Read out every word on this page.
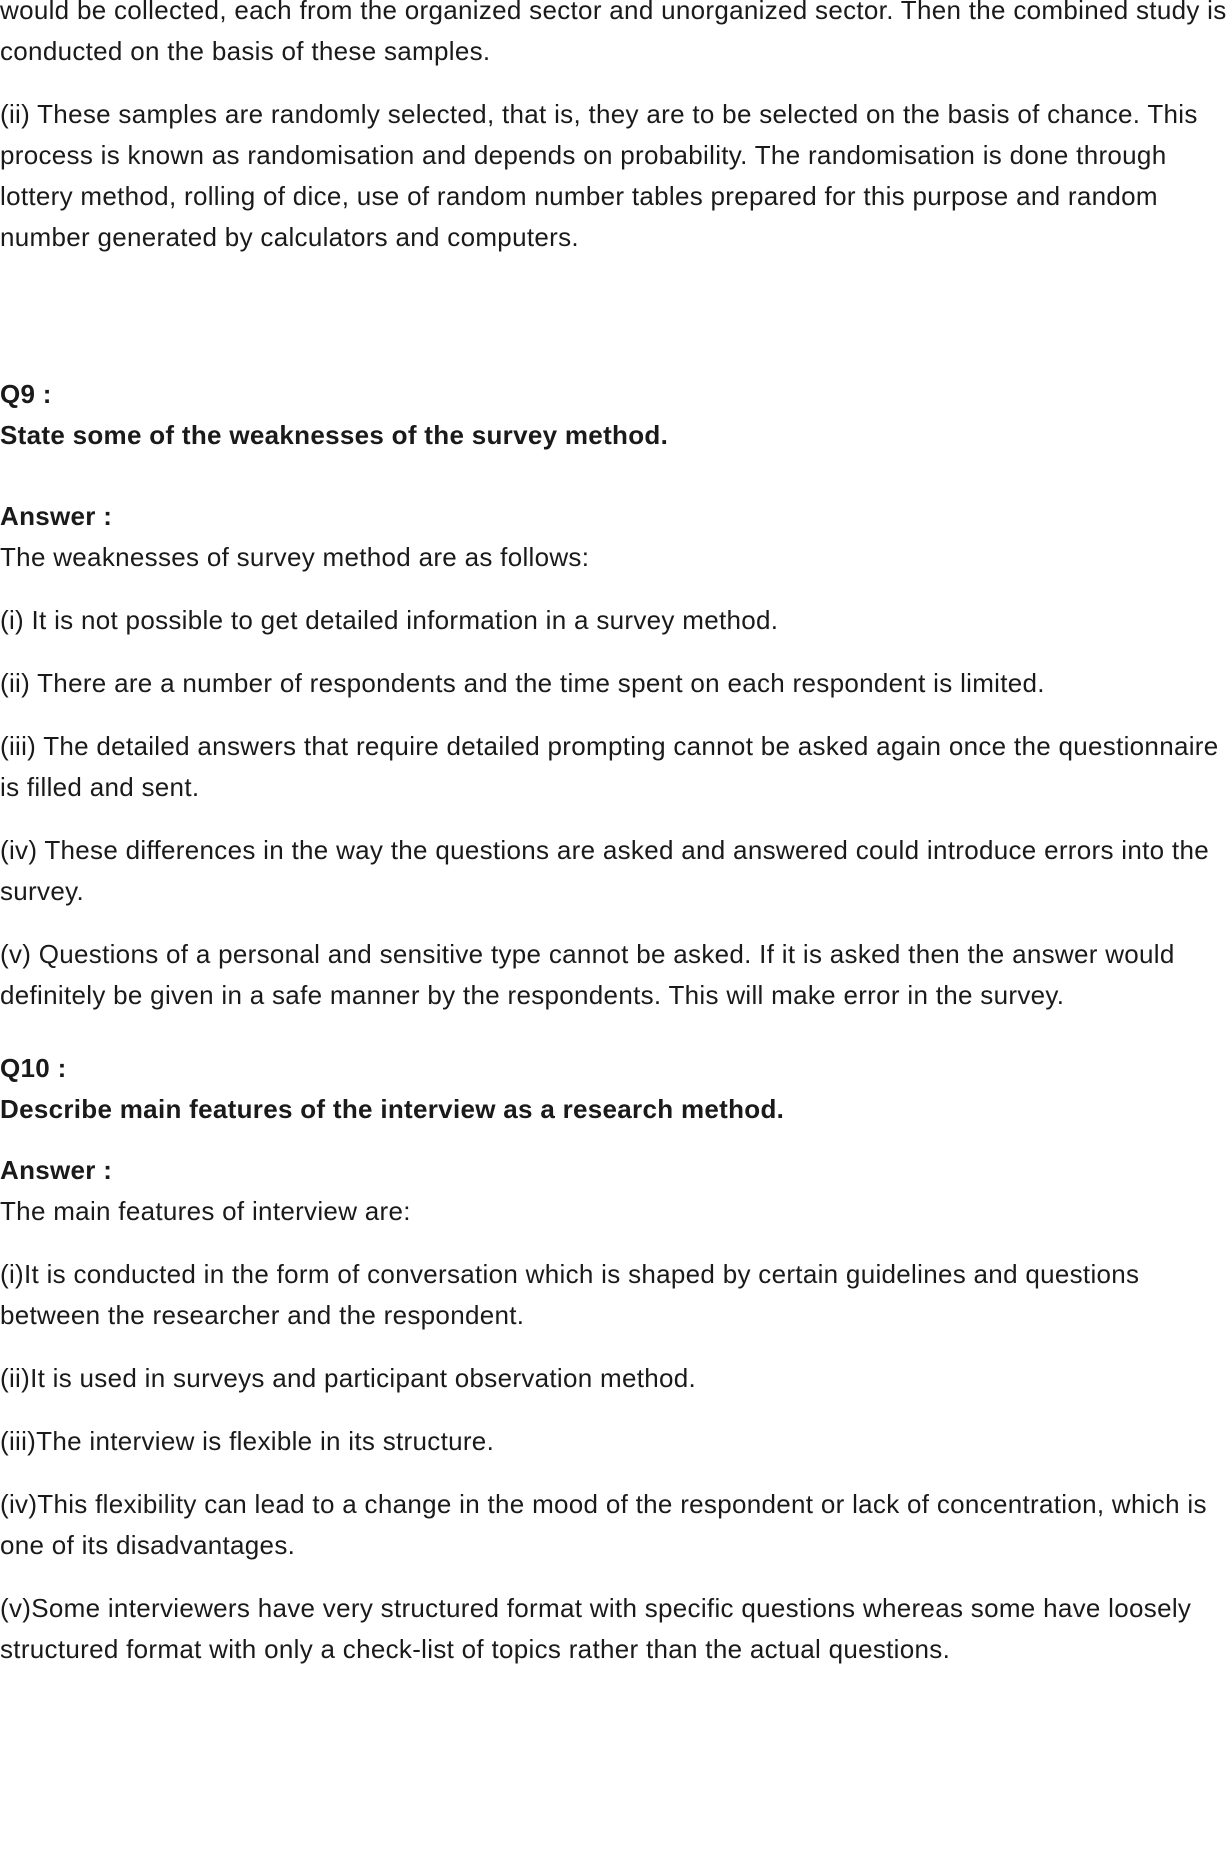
would be collected, each from the organized sector and unorganized sector. Then the combined study is conducted on the basis of these samples.

(ii) These samples are randomly selected, that is, they are to be selected on the basis of chance. This process is known as randomisation and depends on probability. The randomisation is done through lottery method, rolling of dice, use of random number tables prepared for this purpose and random number generated by calculators and computers.

Q9 :

State some of the weaknesses of the survey method.

Answer :

The weaknesses of survey method are as follows:

(i) It is not possible to get detailed information in a survey method.

(ii) There are a number of respondents and the time spent on each respondent is limited.

(iii) The detailed answers that require detailed prompting cannot be asked again once the questionnaire is filled and sent.

(iv) These differences in the way the questions are asked and answered could introduce errors into the survey.

(v) Questions of a personal and sensitive type cannot be asked. If it is asked then the answer would definitely be given in a safe manner by the respondents. This will make error in the survey.

Q10 :

Describe main features of the interview as a research method.

Answer :

The main features of interview are:

(i)It is conducted in the form of conversation which is shaped by certain guidelines and questions between the researcher and the respondent.

(ii)It is used in surveys and participant observation method.

(iii)The interview is flexible in its structure.

(iv)This flexibility can lead to a change in the mood of the respondent or lack of concentration, which is one of its disadvantages.

(v)Some interviewers have very structured format with specific questions whereas some have loosely structured format with only a check-list of topics rather than the actual questions.
